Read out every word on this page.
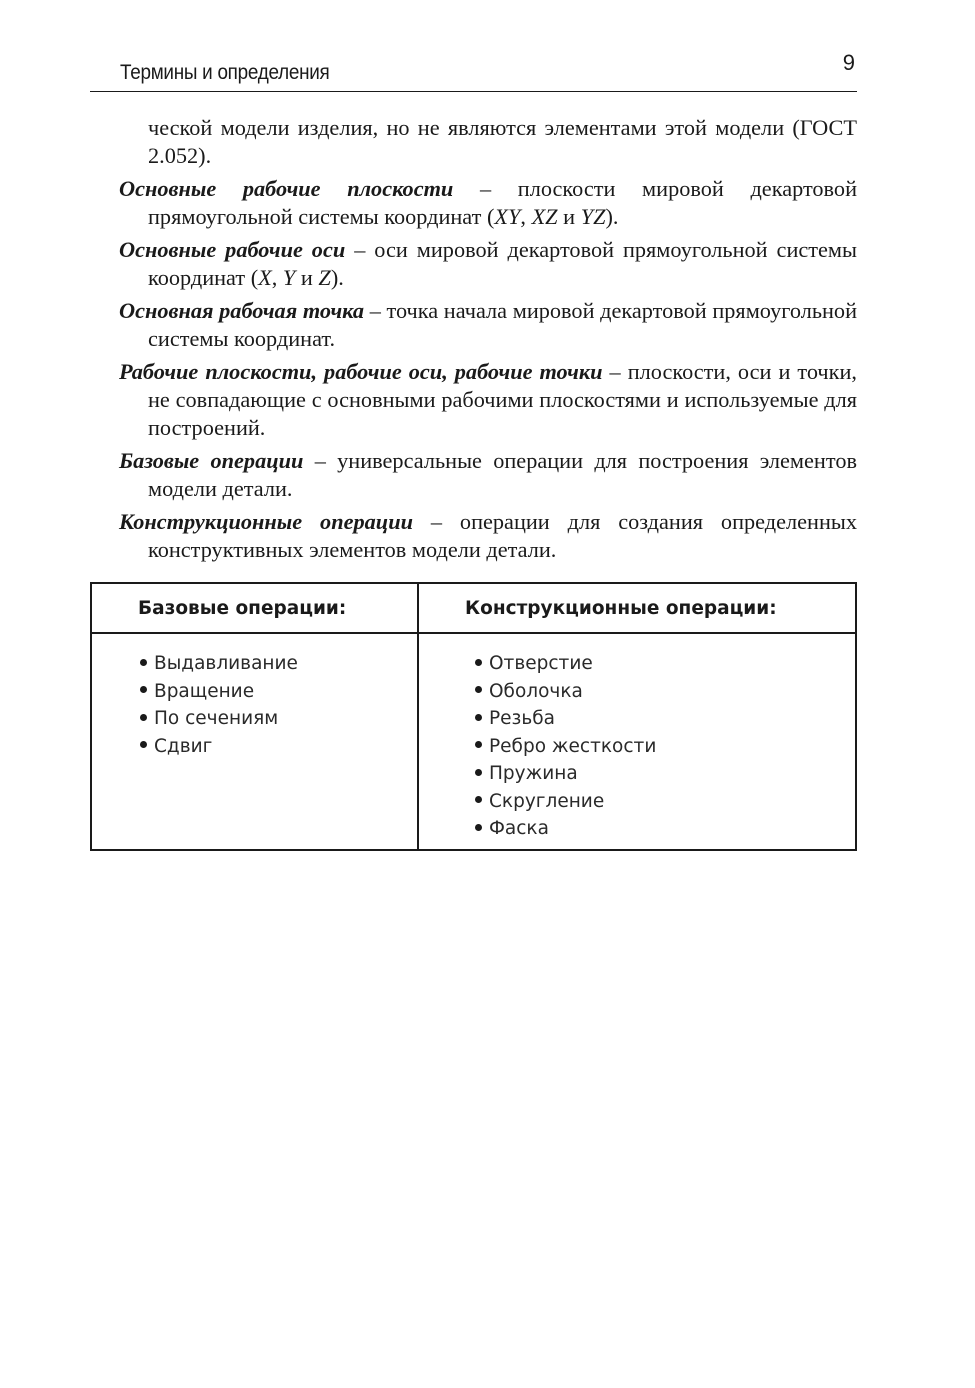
Термины и определения	9

ческой модели изделия, но не являются элементами этой модели (ГОСТ 2.052).

Основные рабочие плоскости – плоскости мировой декартовой прямоугольной системы координат (XY, XZ и YZ).

Основные рабочие оси – оси мировой декартовой прямоугольной системы координат (X, Y и Z).

Основная рабочая точка – точка начала мировой декартовой прямоугольной системы координат.

Рабочие плоскости, рабочие оси, рабочие точки – плоскости, оси и точки, не совпадающие с основными рабочими плоскостями и используемые для построений.

Базовые операции – универсальные операции для построения элементов модели детали.

Конструкционные операции – операции для создания определенных конструктивных элементов модели детали.

Базовые операции:	Конструкционные операции:
Выдавливание
Вращение
По сечениям
Сдвиг
Отверстие
Оболочка
Резьба
Ребро жесткости
Пружина
Скругление
Фаска
